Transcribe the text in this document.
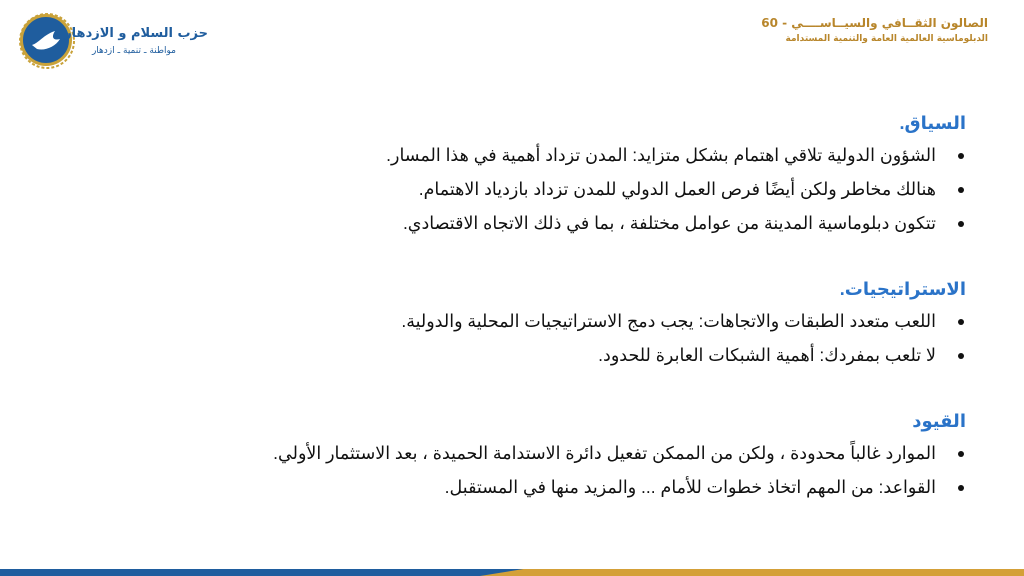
حزب السلام و الازدهار
مواطنة ـ تنمية ـ ازدهار
الصالون الثقــافي والسيــاســــي - 60
الدبلوماسية العالمية العامة والتنمية المستدامة
السياق.
الشؤون الدولية تلاقي اهتمام بشكل متزايد: المدن تزداد أهمية في هذا المسار.
هنالك مخاطر ولكن أيضًا فرص العمل الدولي للمدن تزداد بازدياد الاهتمام.
تتكون دبلوماسية المدينة من عوامل مختلفة ، بما في ذلك الاتجاه الاقتصادي.
الاستراتيجيات.
اللعب متعدد الطبقات والاتجاهات: يجب دمج الاستراتيجيات المحلية والدولية.
لا تلعب بمفردك: أهمية الشبكات العابرة للحدود.
القيود
الموارد غالباً محدودة ، ولكن من الممكن تفعيل دائرة الاستدامة الحميدة ، بعد الاستثمار الأولي.
القواعد: من المهم اتخاذ خطوات للأمام ... والمزيد منها في المستقبل.
